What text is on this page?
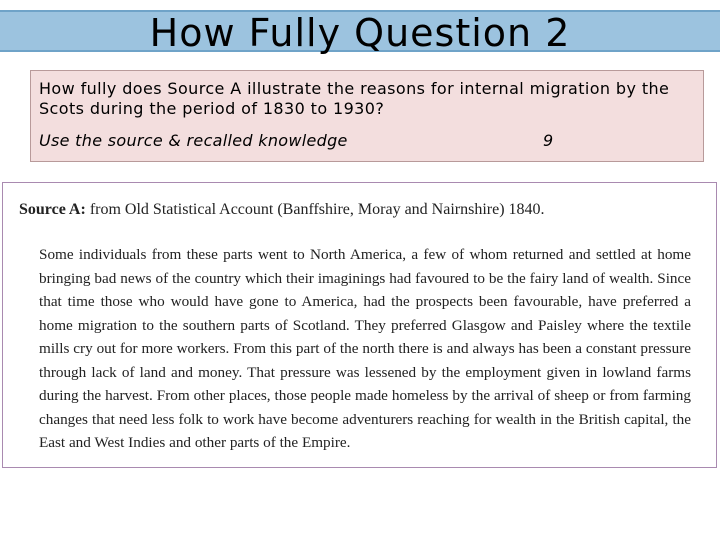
How Fully Question 2
How fully does Source A illustrate the reasons for internal migration by the Scots during the period of 1830 to 1930?
Use the source & recalled knowledge	9
Source A: from Old Statistical Account (Banffshire, Moray and Nairnshire) 1840.
Some individuals from these parts went to North America, a few of whom returned and settled at home bringing bad news of the country which their imaginings had favoured to be the fairy land of wealth. Since that time those who would have gone to America, had the prospects been favourable, have preferred a home migration to the southern parts of Scotland. They preferred Glasgow and Paisley where the textile mills cry out for more workers. From this part of the north there is and always has been a constant pressure through lack of land and money. That pressure was lessened by the employment given in lowland farms during the harvest. From other places, those people made homeless by the arrival of sheep or from farming changes that need less folk to work have become adventurers reaching for wealth in the British capital, the East and West Indies and other parts of the Empire.
